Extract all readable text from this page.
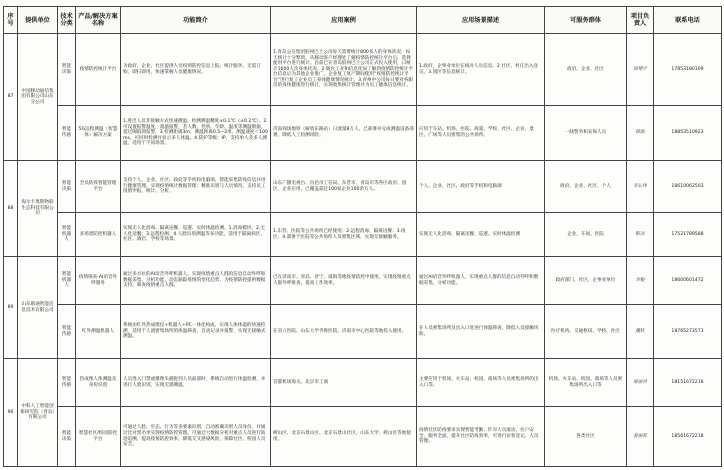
序号	提供单位	技术分类	产品/解决方案名称	功能简介	应用案例	应用场景描述	可服务群体	项目负责人	联系电话
87	中国移动通信集团有限公司山东分公司	智能决策	疫情防控统计平台	为政府、企业、社区提供人员疫情防控信息上报、统计服务，无需订购，即扫即用，快速掌握人员健康情况。	1.青岛公交集团胶州巴士公司每天需要统计800多人的身体状况，每天统计十分繁琐，从移动客户经理处了解疫情防控统计平台后，选择使用平台进行统计。目前已在青岛胶州巴士公司正式投入使用，日统计1600人次身体状况。2.烟台工业和信息化局了解到疫情防控统计平台信息后为其他企业推广，企业复工复产期间使用“疫情防控统计平台”进行复工企业员工身体健康情况统计。3.青州中公司每日要对各职员的身体健康进行统计，实现收集统计管理并为员工健康信息统计。	1.政府，企事业单位在线对人员信息。2.社区、村庄出入登记。3.园区等信息统计。	政府、企业、社区	周翔宇	17853180109
		智能传感	5G远程测温（智慧体）解决方案	1.进出人员非接触方式快速测温，检测测温精度±0.1℃（±0.2℃）。2.可设置报警温度，超温报警，若人数、性别、年龄、温度等测温数据，超过阈值即报警，3.检测距离3m，测温距离0.5~3米，测温速度＜100ms，可同时检测并显示多人体温。4.防护等级：IP，支持单人及多人测温，适用于不同场景。	济南商场地铁（解放东路站）日流量8万人，已部署并完成测温设备部署，降低人工检测风险。	应用于车站、机场、医院、商超、学校、社区、企业、景区、广场等人员密集的公共场所。	一线警务和安保人员	韩凯	18853510923
88	海尔卡奥斯物联生态科技有限公司	智能决策	全员防疫智能管理平台	支持个人、企业、社区、政府等手机和电脑端，智能采集防疫信息并进行健康管理，实现疫情统计数据管理；精准识别与人员情况，支持员工疫情申报、统计、分析。	山东广播电视台、昌邑市工信局、东营市、青岛市等各区政府、园区，企业应用，已覆盖超过100家企业100余万人。	个人、企业、社区、政府等手机和电脑端	政府、企业、社区、个人	李长伟	18610062503
		智能机器人	多场景防控机器人	实现无人化消毒、隔离送餐、巡逻、实时体温检测，1.消毒模块；2.无人化送餐；3.远程检测；4.人脸识别测温等多功能，适用于隔离病区、社区、酒店、学校等场景。	1.东营、医院等公共场所已经使用；2.远程消毒、隔离送餐；3.疫区；4.部署于医院等公共场所人员密集区域，实现无接触服务。	实现无人化消毒、隔离送餐、巡逻、实时体温检测	企业、车间、医院	靳洁	17521789588
89	山东联通智能信息技术有限公司	智能机器人	疫情筛查-AI语音外呼服务	通过多方位的AI语音外呼机器人，实现疫情重点人群的信息自动外呼和数据采集，分析功能，动态跟踪疫情的变化趋势，为疫情防控提供数据支持，筛查疫情重点人群。	已在济南市、青岛、济宁、威海等地疫情防控中使用，实现疫情重点人群外呼排查，提高工作效率。	通过AI语音外呼机器人，实现重点人群的信息自动外呼和数据采集，分析功能。	政府部门、社区、企事业单位	李魁	18600601472
		智能传感	红外测温机器人	系统由红外热成像仪+机器人+PC一体化构成，实现人体体温的快速检测，适用于人流密集场所的体温筛查，自动记录并报警，实现无接触式测温。	在省立医院、山东大学齐鲁医院、济南市中心医院等地投入使用。	在人员密集场所及出入口处进行体温筛查，降低人员接触风险。	医疗机构、交通枢纽、学校、社区	魏钦	18765273573
90	中科人工智能创新研究院（青岛）有限公司	智能传感	热成像人体测温及身份识别	人员进入门禁或摄像头捕捉到人员面部时，系统自动进行体温检测，并进行人脸识别，实现无感测温。	首都机场海关、北京市工商	主要应用于机场、火车站、校园、商场等人员密集场所的出入口等。	机场、火车站、校园、商场等人员密集场所出入口等	梁丽君	18151672218
		智能决策	智慧社区/校园防控平台	可通过人脸、步态、行为等多要素识别，自动准确识别人员身份，并通过比对黑名单实现疫情防控管理。可通过大数据分析对重点人员进行轨迹追溯，提高疫情防控效率，降低交叉感染风险，保障社区、校园人员安全。	崂山区、北京石景山区、北京石景山社区、山东大学、崂山区等地使用。	疫情社区防疫要求实现智能考勤、针对人员流动、住户安全、服务全面，提升社区防疫效率，可进行访客登记、人员管理。	各类社区	姜丽莉	18561672218
